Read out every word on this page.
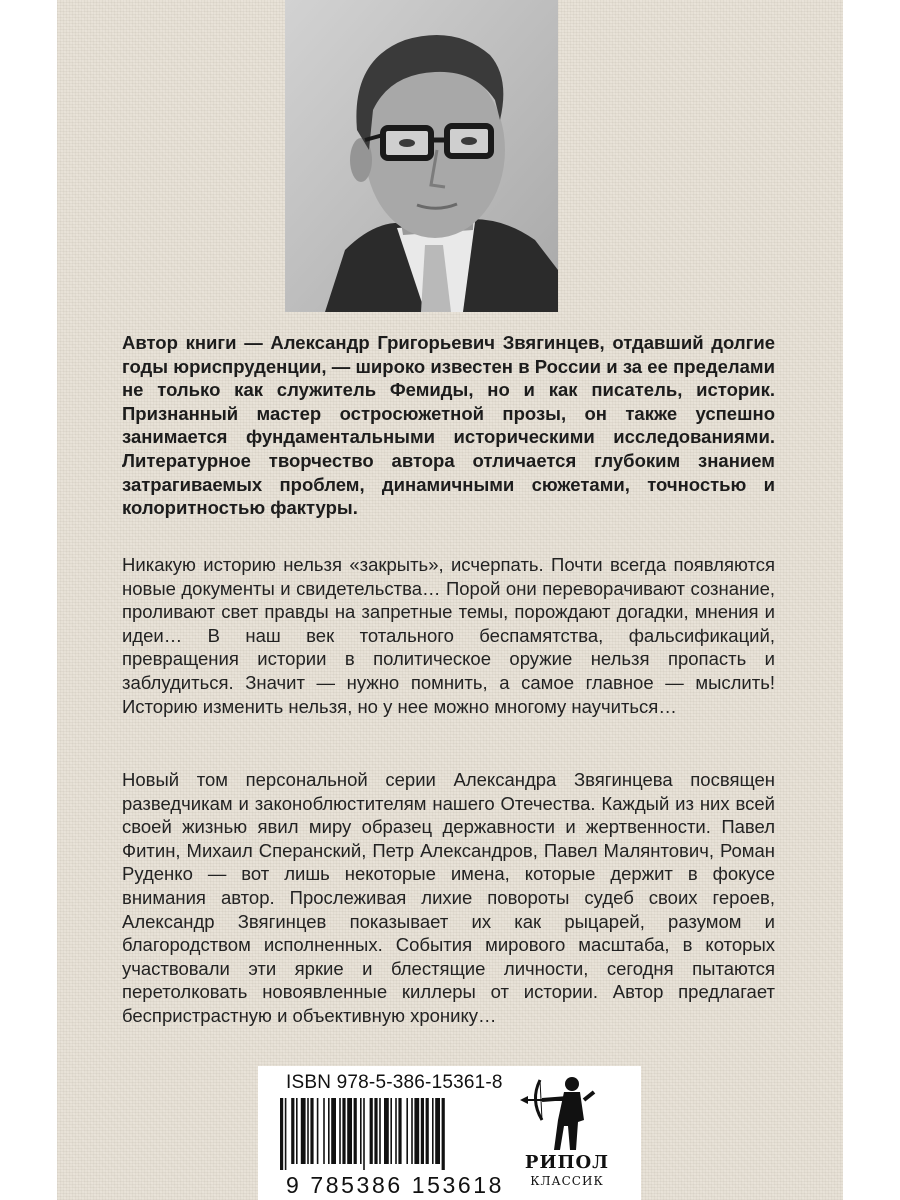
Автор книги — Александр Григорьевич Звягинцев, отдавший долгие годы юриспруденции, — широко известен в России и за ее пределами не только как служитель Фемиды, но и как писатель, историк. Признанный мастер остросюжетной прозы, он также успешно занимается фундаментальными историческими исследованиями. Литературное творчество автора отличается глубоким знанием затрагиваемых проблем, динамичными сюжетами, точностью и колоритностью фактуры.

Никакую историю нельзя «закрыть», исчерпать. Почти всегда появляются новые документы и свидетельства… Порой они переворачивают сознание, проливают свет правды на запретные темы, порождают догадки, мнения и идеи… В наш век тотального беспамятства, фальсификаций, превращения истории в политическое оружие нельзя пропасть и заблудиться. Значит — нужно помнить, а самое главное — мыслить! Историю изменить нельзя, но у нее можно многому научиться…

Новый том персональной серии Александра Звягинцева посвящен разведчикам и законоблюстителям нашего Отечества. Каждый из них всей своей жизнью явил миру образец державности и жертвенности. Павел Фитин, Михаил Сперанский, Петр Александров, Павел Малянтович, Роман Руденко — вот лишь некоторые имена, которые держит в фокусе внимания автор. Прослеживая лихие повороты судеб своих героев, Александр Звягинцев показывает их как рыцарей, разумом и благородством исполненных. События мирового масштаба, в которых участвовали эти яркие и блестящие личности, сегодня пытаются перетолковать новоявленные киллеры от истории. Автор предлагает беспристрастную и объективную хронику…

ISBN 978-5-386-15361-8
9 785386 153618
РИПОЛ
КЛАССИК
